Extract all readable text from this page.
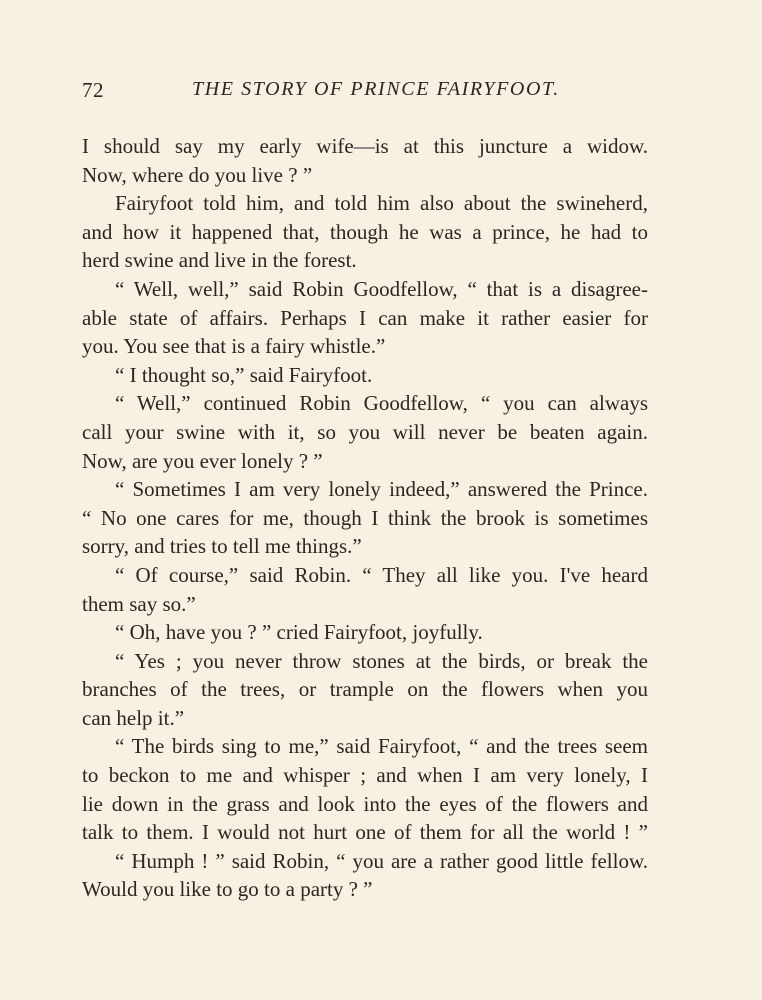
72	THE STORY OF PRINCE FAIRYFOOT.
I should say my early wife—is at this juncture a widow.
Now, where do you live ? ”
Fairyfoot told him, and told him also about the swineherd,
and how it happened that, though he was a prince, he had to
herd swine and live in the forest.
“ Well, well,” said Robin Goodfellow, “ that is a disagree-
able state of affairs. Perhaps I can make it rather easier for
you. You see that is a fairy whistle.”
“ I thought so,” said Fairyfoot.
“ Well,” continued Robin Goodfellow, “ you can always
call your swine with it, so you will never be beaten again.
Now, are you ever lonely ? ”
“ Sometimes I am very lonely indeed,” answered the Prince.
“ No one cares for me, though I think the brook is sometimes
sorry, and tries to tell me things.”
“ Of course,” said Robin. “ They all like you. I've heard
them say so.”
“ Oh, have you ? ” cried Fairyfoot, joyfully.
“ Yes ; you never throw stones at the birds, or break the
branches of the trees, or trample on the flowers when you
can help it.”
“ The birds sing to me,” said Fairyfoot, “ and the trees seem
to beckon to me and whisper ; and when I am very lonely, I
lie down in the grass and look into the eyes of the flowers and
talk to them. I would not hurt one of them for all the world ! ”
“ Humph ! ” said Robin, “ you are a rather good little fellow.
Would you like to go to a party ? ”
